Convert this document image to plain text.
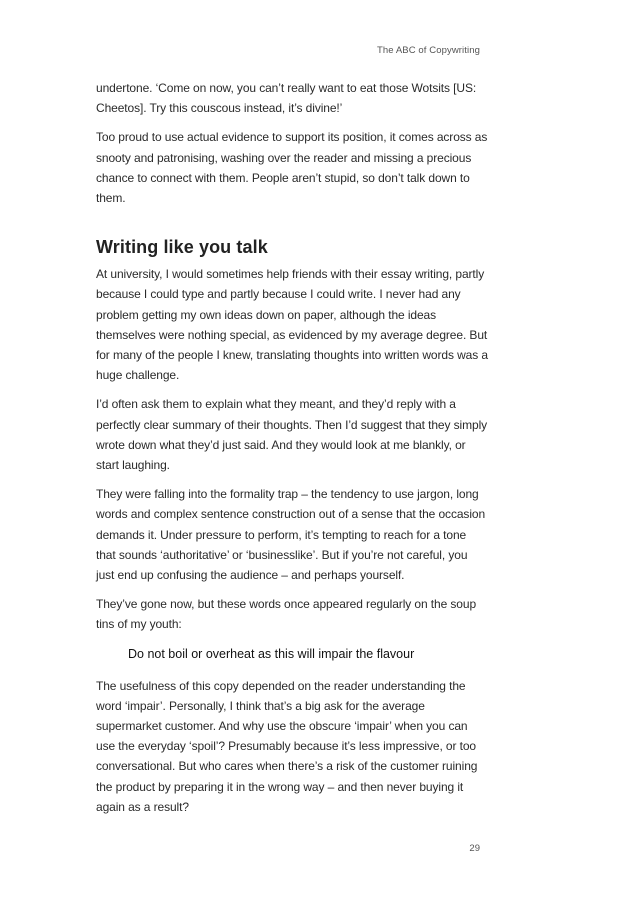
The ABC of Copywriting

undertone. ‘Come on now, you can’t really want to eat those Wotsits [US: Cheetos]. Try this couscous instead, it’s divine!’

Too proud to use actual evidence to support its position, it comes across as snooty and patronising, washing over the reader and missing a precious chance to connect with them. People aren’t stupid, so don’t talk down to them.

Writing like you talk

At university, I would sometimes help friends with their essay writing, partly because I could type and partly because I could write. I never had any problem getting my own ideas down on paper, although the ideas themselves were nothing special, as evidenced by my average degree. But for many of the people I knew, translating thoughts into written words was a huge challenge.

I’d often ask them to explain what they meant, and they’d reply with a perfectly clear summary of their thoughts. Then I’d suggest that they simply wrote down what they’d just said. And they would look at me blankly, or start laughing.

They were falling into the formality trap – the tendency to use jargon, long words and complex sentence construction out of a sense that the occasion demands it. Under pressure to perform, it’s tempting to reach for a tone that sounds ‘authoritative’ or ‘businesslike’. But if you’re not careful, you just end up confusing the audience – and perhaps yourself.

They’ve gone now, but these words once appeared regularly on the soup tins of my youth:

Do not boil or overheat as this will impair the flavour

The usefulness of this copy depended on the reader understanding the word ‘impair’. Personally, I think that’s a big ask for the average supermarket customer. And why use the obscure ‘impair’ when you can use the everyday ‘spoil’? Presumably because it’s less impressive, or too conversational. But who cares when there’s a risk of the customer ruining the product by preparing it in the wrong way – and then never buying it again as a result?

29
